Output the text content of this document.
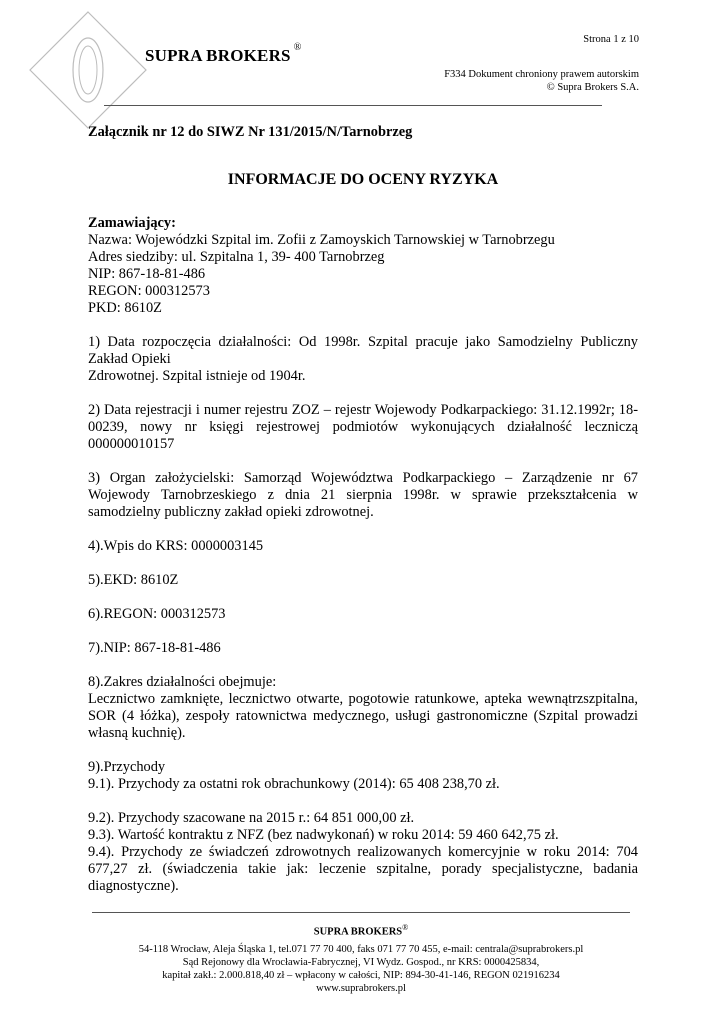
SUPRA BROKERS ®
Strona 1 z 10
F334 Dokument chroniony prawem autorskim
© Supra Brokers S.A.

Załącznik nr 12 do SIWZ Nr 131/2015/N/Tarnobrzeg

INFORMACJE DO OCENY RYZYKA

Zamawiający:
Nazwa: Wojewódzki Szpital im. Zofii z Zamoyskich Tarnowskiej w Tarnobrzegu
Adres siedziby: ul. Szpitalna 1, 39- 400 Tarnobrzeg
NIP: 867-18-81-486
REGON: 000312573
PKD: 8610Z

1) Data rozpoczęcia działalności: Od 1998r. Szpital pracuje jako Samodzielny Publiczny Zakład Opieki

Zdrowotnej. Szpital istnieje od 1904r.

2) Data rejestracji i numer rejestru ZOZ – rejestr Wojewody Podkarpackiego: 31.12.1992r; 18-00239, nowy nr księgi rejestrowej podmiotów wykonujących działalność leczniczą 000000010157

3) Organ założycielski: Samorząd Województwa Podkarpackiego – Zarządzenie nr 67 Wojewody Tarnobrzeskiego z dnia 21 sierpnia 1998r. w sprawie przekształcenia w samodzielny publiczny zakład opieki zdrowotnej.

4).Wpis do KRS: 0000003145

5).EKD: 8610Z

6).REGON: 000312573

7).NIP: 867-18-81-486

8).Zakres działalności obejmuje:

Lecznictwo zamknięte, lecznictwo otwarte, pogotowie ratunkowe, apteka wewnątrzszpitalna, SOR (4 łóżka), zespoły ratownictwa medycznego, usługi gastronomiczne (Szpital prowadzi własną kuchnię).

9).Przychody

9.1). Przychody za ostatni rok obrachunkowy (2014): 65 408 238,70 zł.

9.2). Przychody szacowane na 2015 r.: 64 851 000,00 zł.

9.3). Wartość kontraktu z NFZ (bez nadwykonań) w roku 2014: 59 460 642,75 zł.

9.4). Przychody ze świadczeń zdrowotnych realizowanych komercyjnie w roku 2014: 704 677,27 zł. (świadczenia takie jak: leczenie szpitalne, porady specjalistyczne, badania diagnostyczne).

SUPRA BROKERS®
54-118 Wrocław, Aleja Śląska 1, tel.071 77 70 400, faks 071 77 70 455, e-mail: centrala@suprabrokers.pl
Sąd Rejonowy dla Wrocławia-Fabrycznej, VI Wydz. Gospod., nr KRS: 0000425834,
kapitał zakł.: 2.000.818,40 zł – wpłacony w całości, NIP: 894-30-41-146, REGON 021916234
www.suprabrokers.pl
